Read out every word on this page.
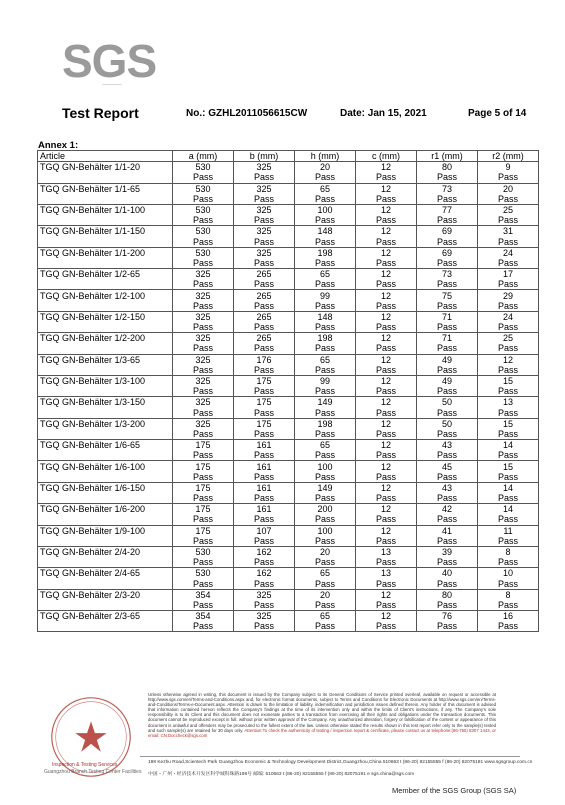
SGS
Test Report	No.: GZHL2011056615CW	Date: Jan 15, 2021	Page 5 of 14
Annex 1:
Article	a (mm)	b (mm)	h (mm)	c (mm)	r1 (mm)	r2 (mm)
TGQ GN-Behälter 1/1-20	530	325	20	12	80	9
	Pass	Pass	Pass	Pass	Pass	Pass
TGQ GN-Behälter 1/1-65	530	325	65	12	73	20
	Pass	Pass	Pass	Pass	Pass	Pass
TGQ GN-Behälter 1/1-100	530	325	100	12	77	25
	Pass	Pass	Pass	Pass	Pass	Pass
TGQ GN-Behälter 1/1-150	530	325	148	12	69	31
	Pass	Pass	Pass	Pass	Pass	Pass
TGQ GN-Behälter 1/1-200	530	325	198	12	69	24
	Pass	Pass	Pass	Pass	Pass	Pass
TGQ GN-Behälter 1/2-65	325	265	65	12	73	17
	Pass	Pass	Pass	Pass	Pass	Pass
TGQ GN-Behälter 1/2-100	325	265	99	12	75	29
	Pass	Pass	Pass	Pass	Pass	Pass
TGQ GN-Behälter 1/2-150	325	265	148	12	71	24
	Pass	Pass	Pass	Pass	Pass	Pass
TGQ GN-Behälter 1/2-200	325	265	198	12	71	25
	Pass	Pass	Pass	Pass	Pass	Pass
TGQ GN-Behälter 1/3-65	325	176	65	12	49	12
	Pass	Pass	Pass	Pass	Pass	Pass
TGQ GN-Behälter 1/3-100	325	175	99	12	49	15
	Pass	Pass	Pass	Pass	Pass	Pass
TGQ GN-Behälter 1/3-150	325	175	149	12	50	13
	Pass	Pass	Pass	Pass	Pass	Pass
TGQ GN-Behälter 1/3-200	325	175	198	12	50	15
	Pass	Pass	Pass	Pass	Pass	Pass
TGQ GN-Behälter 1/6-65	175	161	65	12	43	14
	Pass	Pass	Pass	Pass	Pass	Pass
TGQ GN-Behälter 1/6-100	175	161	100	12	45	15
	Pass	Pass	Pass	Pass	Pass	Pass
TGQ GN-Behälter 1/6-150	175	161	149	12	43	14
	Pass	Pass	Pass	Pass	Pass	Pass
TGQ GN-Behälter 1/6-200	175	161	200	12	42	14
	Pass	Pass	Pass	Pass	Pass	Pass
TGQ GN-Behälter 1/9-100	175	107	100	12	41	11
	Pass	Pass	Pass	Pass	Pass	Pass
TGQ GN-Behälter 2/4-20	530	162	20	13	39	8
	Pass	Pass	Pass	Pass	Pass	Pass
TGQ GN-Behälter 2/4-65	530	162	65	13	40	10
	Pass	Pass	Pass	Pass	Pass	Pass
TGQ GN-Behälter 2/3-20	354	325	20	12	80	8
	Pass	Pass	Pass	Pass	Pass	Pass
TGQ GN-Behälter 2/3-65	354	325	65	12	76	16
	Pass	Pass	Pass	Pass	Pass	Pass
Inspection & Testing Services
Guangzhou Branch Testing Center Facilities
Unless otherwise agreed in writing, this document is issued by the Company subject to its General Conditions of Service printed overleaf, available on request or accessible at http://www.sgs.com/en/Terms-and-Conditions.aspx and, for electronic format documents, subject to Terms and Conditions for Electronic Documents at http://www.sgs.com/en/Terms-and-Conditions/Terms-e-Document.aspx. Attention is drawn to the limitation of liability, indemnification and jurisdiction issues defined therein. Any holder of this document is advised that information contained hereon reflects the Company's findings at the time of its intervention only and within the limits of Client's instructions, if any. The Company's sole responsibility is to its Client and this document does not exonerate parties to a transaction from exercising all their rights and obligations under the transaction documents. This document cannot be reproduced except in full, without prior written approval of the Company. Any unauthorized alteration, forgery or falsification of the content or appearance of this document is unlawful and offenders may be prosecuted to the fullest extent of the law. Unless otherwise stated the results shown in this test report refer only to the sample(s) tested and such sample(s) are retained for 30 days only. Attention:To check the authenticity of testing / inspection report & certificate, please contact us at telephone:(86-755) 8307 1443, or email: CN.Doccheck@sgs.com
198 Kezhu Road,Scientech Park Guangzhou Economic & Technology Development District,Guangzhou,China 510663 t (86-20) 82155555 f (86-20) 82075191 www.sgsgroup.com.cn
中国・广州・经济技术开发区科学城科珠路198号 邮编: 510663 t (86-20) 82155555 f (86-20) 82075191 e sgs.china@sgs.com
Member of the SGS Group (SGS SA)
